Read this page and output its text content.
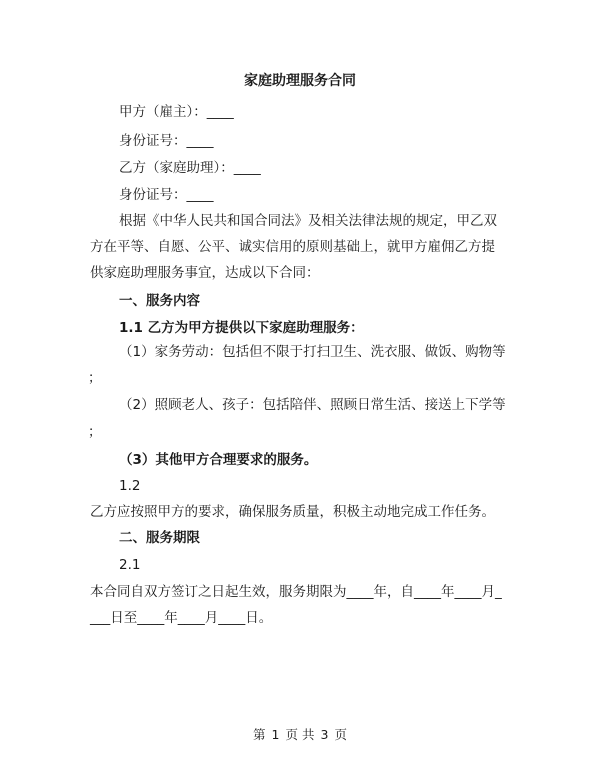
家庭助理服务合同
甲方（雇主）：____
身份证号：____
乙方（家庭助理）：____
身份证号：____
根据《中华人民共和国合同法》及相关法律法规的规定，甲乙双
方在平等、自愿、公平、诚实信用的原则基础上，就甲方雇佣乙方提
供家庭助理服务事宜，达成以下合同：
一、服务内容
1.1 乙方为甲方提供以下家庭助理服务：
（1）家务劳动：包括但不限于打扫卫生、洗衣服、做饭、购物等
；
（2）照顾老人、孩子：包括陪伴、照顾日常生活、接送上下学等
；
（3）其他甲方合理要求的服务。
1.2
乙方应按照甲方的要求，确保服务质量，积极主动地完成工作任务。
二、服务期限
2.1
本合同自双方签订之日起生效，服务期限为____年，自____年____月_
___日至____年____月____日。
第 1 页 共 3 页
